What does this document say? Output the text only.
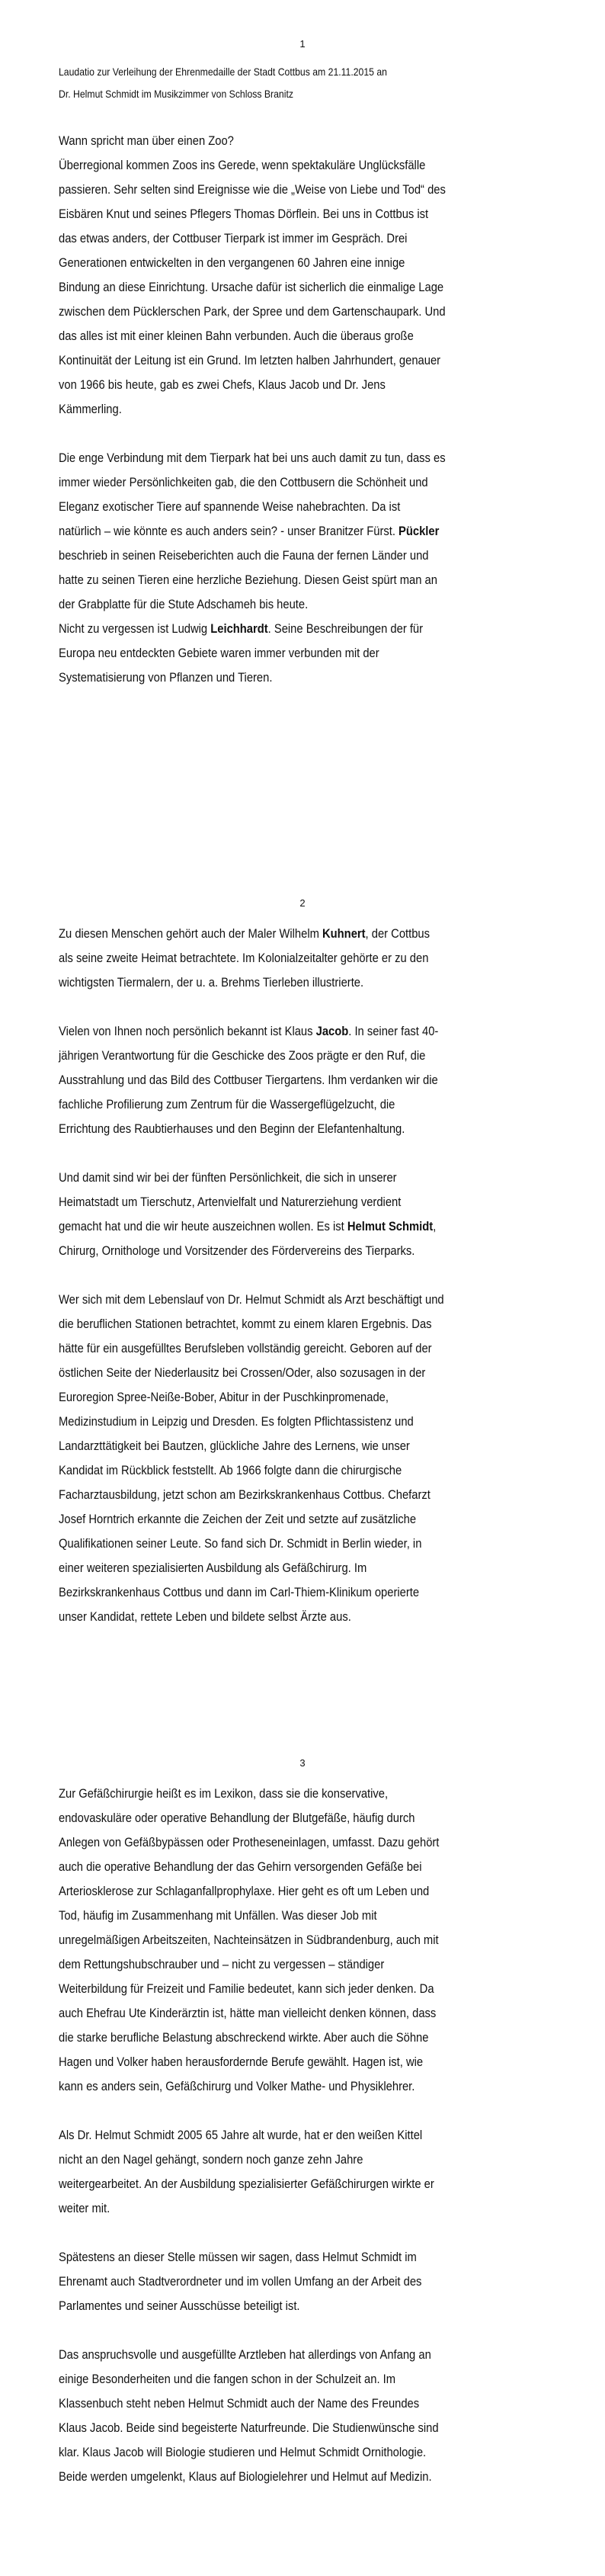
1
Laudatio zur Verleihung der Ehrenmedaille der Stadt Cottbus am 21.11.2015 an
Dr. Helmut Schmidt im Musikzimmer von Schloss Branitz
Wann spricht man über einen Zoo?
Überregional kommen Zoos ins Gerede, wenn spektakuläre Unglücksfälle
passieren. Sehr selten sind Ereignisse wie die „Weise von Liebe und Tod“ des
Eisbären Knut und seines Pflegers Thomas Dörflein. Bei uns in Cottbus ist
das etwas anders, der Cottbuser Tierpark ist immer im Gespräch. Drei
Generationen entwickelten in den vergangenen 60 Jahren eine innige
Bindung an diese Einrichtung. Ursache dafür ist sicherlich die einmalige Lage
zwischen dem Pücklerschen Park, der Spree und dem Gartenschaupark. Und
das alles ist mit einer kleinen Bahn verbunden. Auch die überaus große
Kontinuität der Leitung ist ein Grund. Im letzten halben Jahrhundert, genauer
von 1966 bis heute, gab es zwei Chefs, Klaus Jacob und Dr. Jens
Kämmerling.
Die enge Verbindung mit dem Tierpark hat bei uns auch damit zu tun, dass es
immer wieder Persönlichkeiten gab, die den Cottbusern die Schönheit und
Eleganz exotischer Tiere auf spannende Weise nahebrachten. Da ist
natürlich – wie könnte es auch anders sein? - unser Branitzer Fürst. Pückler
beschrieb in seinen Reiseberichten auch die Fauna der fernen Länder und
hatte zu seinen Tieren eine herzliche Beziehung. Diesen Geist spürt man an
der Grabplatte für die Stute Adschameh bis heute.
Nicht zu vergessen ist Ludwig Leichhardt. Seine Beschreibungen der für
Europa neu entdeckten Gebiete waren immer verbunden mit der
Systematisierung von Pflanzen und Tieren.
2
Zu diesen Menschen gehört auch der Maler Wilhelm Kuhnert, der Cottbus
als seine zweite Heimat betrachtete. Im Kolonialzeitalter gehörte er zu den
wichtigsten Tiermalern, der u. a. Brehms Tierleben illustrierte.
Vielen von Ihnen noch persönlich bekannt ist Klaus Jacob. In seiner fast 40-
jährigen Verantwortung für die Geschicke des Zoos prägte er den Ruf, die
Ausstrahlung und das Bild des Cottbuser Tiergartens. Ihm verdanken wir die
fachliche Profilierung zum Zentrum für die Wassergeflügelzucht, die
Errichtung des Raubtierhauses und den Beginn der Elefantenhaltung.
Und damit sind wir bei der fünften Persönlichkeit, die sich in unserer
Heimatstadt um Tierschutz, Artenvielfalt und Naturerziehung verdient
gemacht hat und die wir heute auszeichnen wollen. Es ist Helmut Schmidt,
Chirurg, Ornithologe und Vorsitzender des Fördervereins des Tierparks.
Wer sich mit dem Lebenslauf von Dr. Helmut Schmidt als Arzt beschäftigt und
die beruflichen Stationen betrachtet, kommt zu einem klaren Ergebnis. Das
hätte für ein ausgefülltes Berufsleben vollständig gereicht. Geboren auf der
östlichen Seite der Niederlausitz bei Crossen/Oder, also sozusagen in der
Euroregion Spree-Neiße-Bober, Abitur in der Puschkinpromenade,
Medizinstudium in Leipzig und Dresden. Es folgten Pflichtassistenz und
Landarzttätigkeit bei Bautzen, glückliche Jahre des Lernens, wie unser
Kandidat im Rückblick feststellt. Ab 1966 folgte dann die chirurgische
Facharztausbildung, jetzt schon am Bezirkskrankenhaus Cottbus. Chefarzt
Josef Horntrich erkannte die Zeichen der Zeit und setzte auf zusätzliche
Qualifikationen seiner Leute. So fand sich Dr. Schmidt in Berlin wieder, in
einer weiteren spezialisierten Ausbildung als Gefäßchirurg. Im
Bezirkskrankenhaus Cottbus und dann im Carl-Thiem-Klinikum operierte
unser Kandidat, rettete Leben und bildete selbst Ärzte aus.
3
Zur Gefäßchirurgie heißt es im Lexikon, dass sie die konservative,
endovaskuläre oder operative Behandlung der Blutgefäße, häufig durch
Anlegen von Gefäßbypässen oder Protheseneinlagen, umfasst. Dazu gehört
auch die operative Behandlung der das Gehirn versorgenden Gefäße bei
Arteriosklerose zur Schlaganfallprophylaxe. Hier geht es oft um Leben und
Tod, häufig im Zusammenhang mit Unfällen. Was dieser Job mit
unregelmäßigen Arbeitszeiten, Nachteinsätzen in Südbrandenburg, auch mit
dem Rettungshubschrauber und – nicht zu vergessen – ständiger
Weiterbildung für Freizeit und Familie bedeutet, kann sich jeder denken. Da
auch Ehefrau Ute Kinderärztin ist, hätte man vielleicht denken können, dass
die starke berufliche Belastung abschreckend wirkte. Aber auch die Söhne
Hagen und Volker haben herausfordernde Berufe gewählt. Hagen ist, wie
kann es anders sein, Gefäßchirurg und Volker Mathe- und Physiklehrer.
Als Dr. Helmut Schmidt 2005 65 Jahre alt wurde, hat er den weißen Kittel
nicht an den Nagel gehängt, sondern noch ganze zehn Jahre
weitergearbeitet. An der Ausbildung spezialisierter Gefäßchirurgen wirkte er
weiter mit.
Spätestens an dieser Stelle müssen wir sagen, dass Helmut Schmidt im
Ehrenamt auch Stadtverordneter und im vollen Umfang an der Arbeit des
Parlamentes und seiner Ausschüsse beteiligt ist.
Das anspruchsvolle und ausgefüllte Arztleben hat allerdings von Anfang an
einige Besonderheiten und die fangen schon in der Schulzeit an. Im
Klassenbuch steht neben Helmut Schmidt auch der Name des Freundes
Klaus Jacob. Beide sind begeisterte Naturfreunde. Die Studienwünsche sind
klar. Klaus Jacob will Biologie studieren und Helmut Schmidt Ornithologie.
Beide werden umgelenkt, Klaus auf Biologielehrer und Helmut auf Medizin.
